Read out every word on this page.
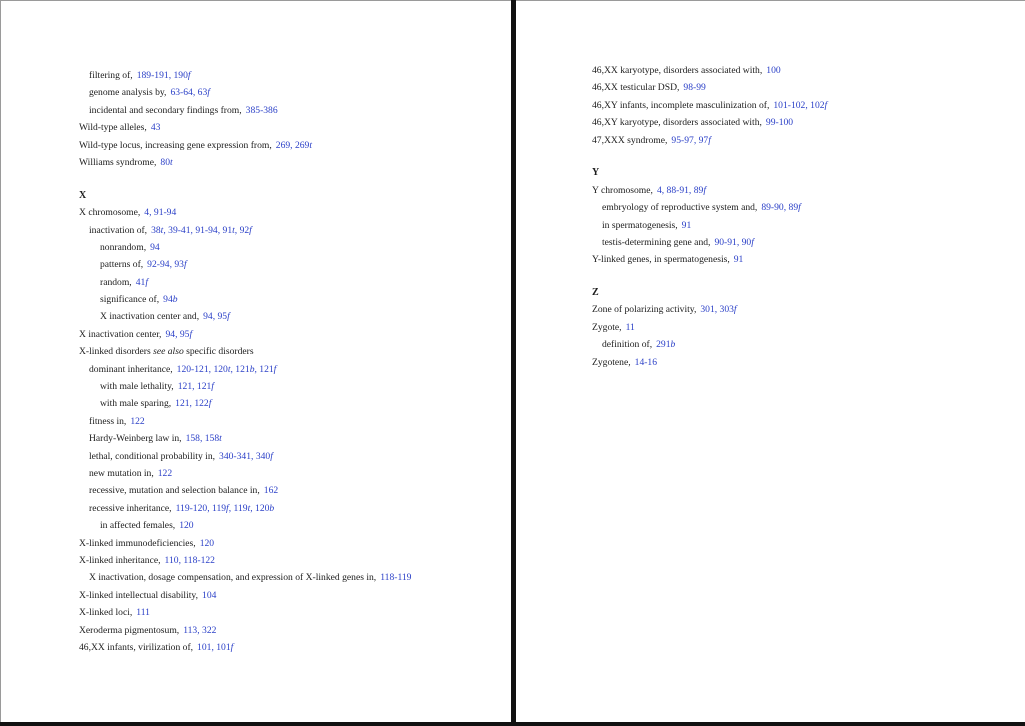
filtering of, 189-191, 190f
genome analysis by, 63-64, 63f
incidental and secondary findings from, 385-386
Wild-type alleles, 43
Wild-type locus, increasing gene expression from, 269, 269t
Williams syndrome, 80t
X
X chromosome, 4, 91-94
inactivation of, 38t, 39-41, 91-94, 91t, 92f
nonrandom, 94
patterns of, 92-94, 93f
random, 41f
significance of, 94b
X inactivation center and, 94, 95f
X inactivation center, 94, 95f
X-linked disorders see also specific disorders
dominant inheritance, 120-121, 120t, 121b, 121f
with male lethality, 121, 121f
with male sparing, 121, 122f
fitness in, 122
Hardy-Weinberg law in, 158, 158t
lethal, conditional probability in, 340-341, 340f
new mutation in, 122
recessive, mutation and selection balance in, 162
recessive inheritance, 119-120, 119f, 119t, 120b
in affected females, 120
X-linked immunodeficiencies, 120
X-linked inheritance, 110, 118-122
X inactivation, dosage compensation, and expression of X-linked genes in, 118-119
X-linked intellectual disability, 104
X-linked loci, 111
Xeroderma pigmentosum, 113, 322
46,XX infants, virilization of, 101, 101f
46,XX karyotype, disorders associated with, 100
46,XX testicular DSD, 98-99
46,XY infants, incomplete masculinization of, 101-102, 102f
46,XY karyotype, disorders associated with, 99-100
47,XXX syndrome, 95-97, 97f
Y
Y chromosome, 4, 88-91, 89f
embryology of reproductive system and, 89-90, 89f
in spermatogenesis, 91
testis-determining gene and, 90-91, 90f
Y-linked genes, in spermatogenesis, 91
Z
Zone of polarizing activity, 301, 303f
Zygote, 11
definition of, 291b
Zygotene, 14-16
